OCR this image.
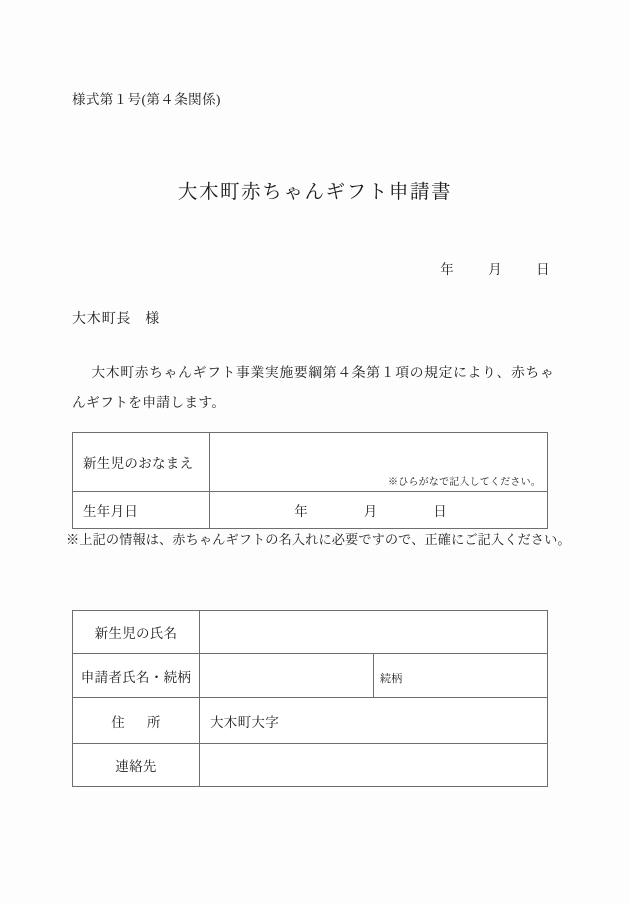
様式第１号(第４条関係)
大木町赤ちゃんギフト申請書
年	月	日
大木町長 様
大木町赤ちゃんギフト事業実施要綱第４条第１項の規定により、赤ちゃんギフトを申請します。
新生児のおなまえ	※ひらがなで記入してください。

生年月日	年 月 日
※上記の情報は、赤ちゃんギフトの名入れに必要ですので、正確にご記入ください。
新生児の氏名		
申請者氏名・続柄		続柄

住 所	大木町大字	
連絡先		
